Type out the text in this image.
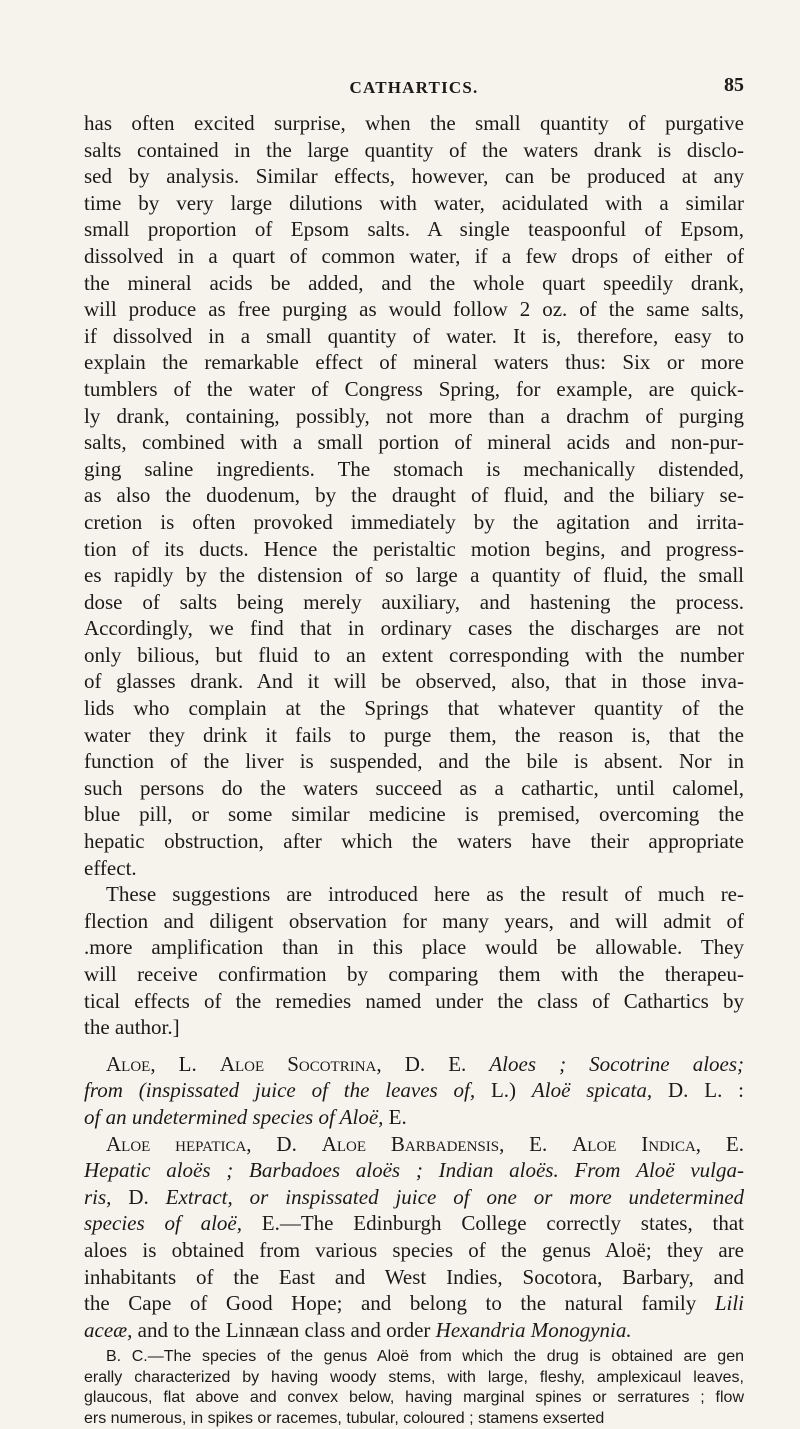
CATHARTICS.	85
has often excited surprise, when the small quantity of purgative
salts contained in the large quantity of the waters drank is disclo-
sed by analysis. Similar effects, however, can be produced at any
time by very large dilutions with water, acidulated with a similar
small proportion of Epsom salts. A single teaspoonful of Epsom,
dissolved in a quart of common water, if a few drops of either of
the mineral acids be added, and the whole quart speedily drank,
will produce as free purging as would follow 2 oz. of the same salts,
if dissolved in a small quantity of water. It is, therefore, easy to
explain the remarkable effect of mineral waters thus: Six or more
tumblers of the water of Congress Spring, for example, are quick-
ly drank, containing, possibly, not more than a drachm of purging
salts, combined with a small portion of mineral acids and non-pur-
ging saline ingredients. The stomach is mechanically distended,
as also the duodenum, by the draught of fluid, and the biliary se-
cretion is often provoked immediately by the agitation and irrita-
tion of its ducts. Hence the peristaltic motion begins, and progress-
es rapidly by the distension of so large a quantity of fluid, the small
dose of salts being merely auxiliary, and hastening the process.
Accordingly, we find that in ordinary cases the discharges are not
only bilious, but fluid to an extent corresponding with the number
of glasses drank. And it will be observed, also, that in those inva-
lids who complain at the Springs that whatever quantity of the
water they drink it fails to purge them, the reason is, that the
function of the liver is suspended, and the bile is absent. Nor in
such persons do the waters succeed as a cathartic, until calomel,
blue pill, or some similar medicine is premised, overcoming the
hepatic obstruction, after which the waters have their appropriate
effect.
These suggestions are introduced here as the result of much re-
flection and diligent observation for many years, and will admit of
.more amplification than in this place would be allowable. They
will receive confirmation by comparing them with the therapeu-
tical effects of the remedies named under the class of Cathartics by
the author.]
Aloe, L. Aloe Socotrina, D. E. Aloes ; Socotrine aloes;
from (inspissated juice of the leaves of, L.) Aloë spicata, D. L. :
of an undetermined species of Aloë, E.
Aloe hepatica, D. Aloe Barbadensis, E. Aloe Indica, E.
Hepatic aloës ; Barbadoes aloës ; Indian aloës. From Aloë vulga-
ris, D. Extract, or inspissated juice of one or more undetermined
species of aloë, E.—The Edinburgh College correctly states, that
aloes is obtained from various species of the genus Aloë; they are
inhabitants of the East and West Indies, Socotora, Barbary, and
the Cape of Good Hope; and belong to the natural family Lili
aceæ, and to the Linnæan class and order Hexandria Monogynia.
B. C.—The species of the genus Aloë from which the drug is obtained are gen
erally characterized by having woody stems, with large, fleshy, amplexicaul leaves,
glaucous, flat above and convex below, having marginal spines or serratures ; flow
ers numerous, in spikes or racemes, tubular, coloured ; stamens exserted
